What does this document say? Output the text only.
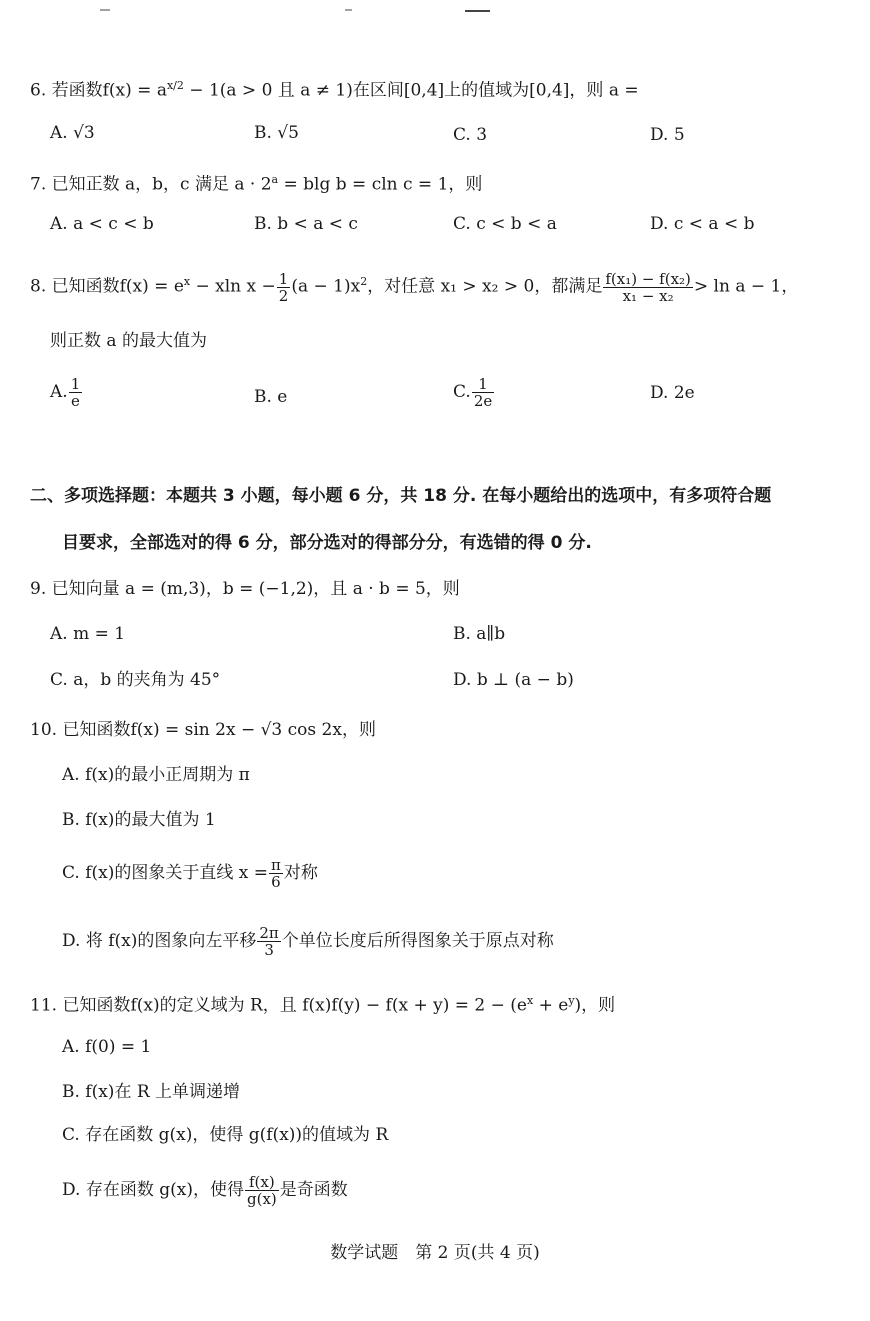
6. 若函数$f(x) = a^{x/2} - 1(a > 0$ 且 a ≠ 1)在区间[0,4]上的值域为[0,4]，则 a =
A. √3	B. √5	C. 3	D. 5
7. 已知正数 a，b，c 满足 $a \cdot 2^a = blg$ b = cln c = 1，则
A. a < c < b	B. b < a < c	C. c < b < a	D. c < a < b
8. 已知函数$f(x) = e^x - xln$ $x - \frac{1}{2} (a - 1)x^2$，对任意 x₁ > x₂ > 0，都满足 $\frac{\text{f(x₁) − f(x₂)}}{\text{x₁ − x₂}} > \ln a - 1$，
则正数 a 的最大值为
A. $\frac{1}{e}$	B. e	C. $\frac{1}{2e}$	D. 2e
二、多项选择题：本题共 3 小题，每小题 6 分，共 18 分. 在每小题给出的选项中，有多项符合题
目要求，全部选对的得 6 分，部分选对的得部分分，有选错的得 0 分.
9. 已知向量 a = (m,3)，b = (−1,2)，且 a · b = 5，则
A. m = 1	B. a∥b
C. a，b 的夹角为 45°	D. b ⊥ (a − b)
10. 已知函数f(x) = sin 2x − √3 cos 2x，则
A. f(x)的最小正周期为 π
B. f(x)的最大值为 1
C. f(x)的图象关于直线 $x = \frac{\pi}{6}$ 对称
D. 将 f(x)的图象向左平移 $\frac{2\pi}{3}$ 个单位长度后所得图象关于原点对称
11. 已知函数f(x)的定义域为 R，且 $f(x)f(y) - f(x + y) = 2 - (e^x + e^y)$，则
A. f(0) = 1
B. f(x)在 R 上单调递增
C. 存在函数 g(x)，使得 g(f(x))的值域为 R
D. 存在函数 g(x)，使得 $\frac{f(x)}{g(x)}$ 是奇函数
数学试题　第 2 页(共 4 页)
